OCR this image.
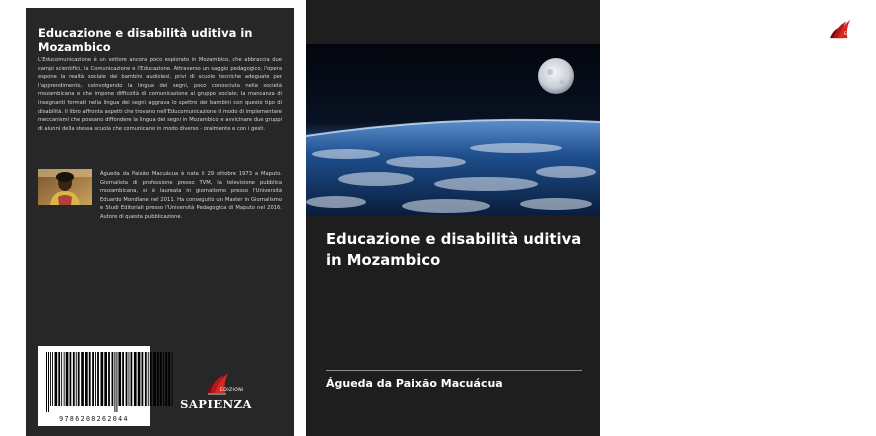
Educazione e disabilità uditiva in Mozambico
L'Educomunicazione è un settore ancora poco esplorato in Mozambico, che abbraccia due campi scientifici, la Comunicazione e l'Educazione. Attraverso un saggio pedagogico, l'opera espone la realtà sociale dei bambini audiolesi, privi di scuole tecniche adeguate per l'apprendimento, coinvolgendo la lingua dei segni, poco conosciuta nella società mozambicana e che impone difficoltà di comunicazione al gruppo sociale; la mancanza di insegnanti formati nella lingua dei segni aggrava lo spettro dei bambini con questo tipo di disabilità. Il libro affronta aspetti che trovano nell'Educomunicazione il modo di implementare meccanismi che possano diffondere la lingua dei segni in Mozambico e avvicinare due gruppi di alunni della stessa scuola che comunicano in modo diverso - oralmente e con i gesti.
Águeda da Paixão Macuácua è nata il 29 ottobre 1973 a Maputo. Giornalista di professione presso TVM, la televisione pubblica mozambicana, si è laureata in giornalismo presso l'Università Eduardo Mondlane nel 2011. Ha conseguito un Master in Giornalismo e Studi Editoriali presso l'Università Pedagogica di Maputo nel 2016. Autore di questa pubblicazione.
9786208262044
EDIZIONI
SAPIENZA
EDIZIONI
SAPIENZA
Educazione e disabilità uditiva in Mozambico
Águeda da Paixão Macuácua
